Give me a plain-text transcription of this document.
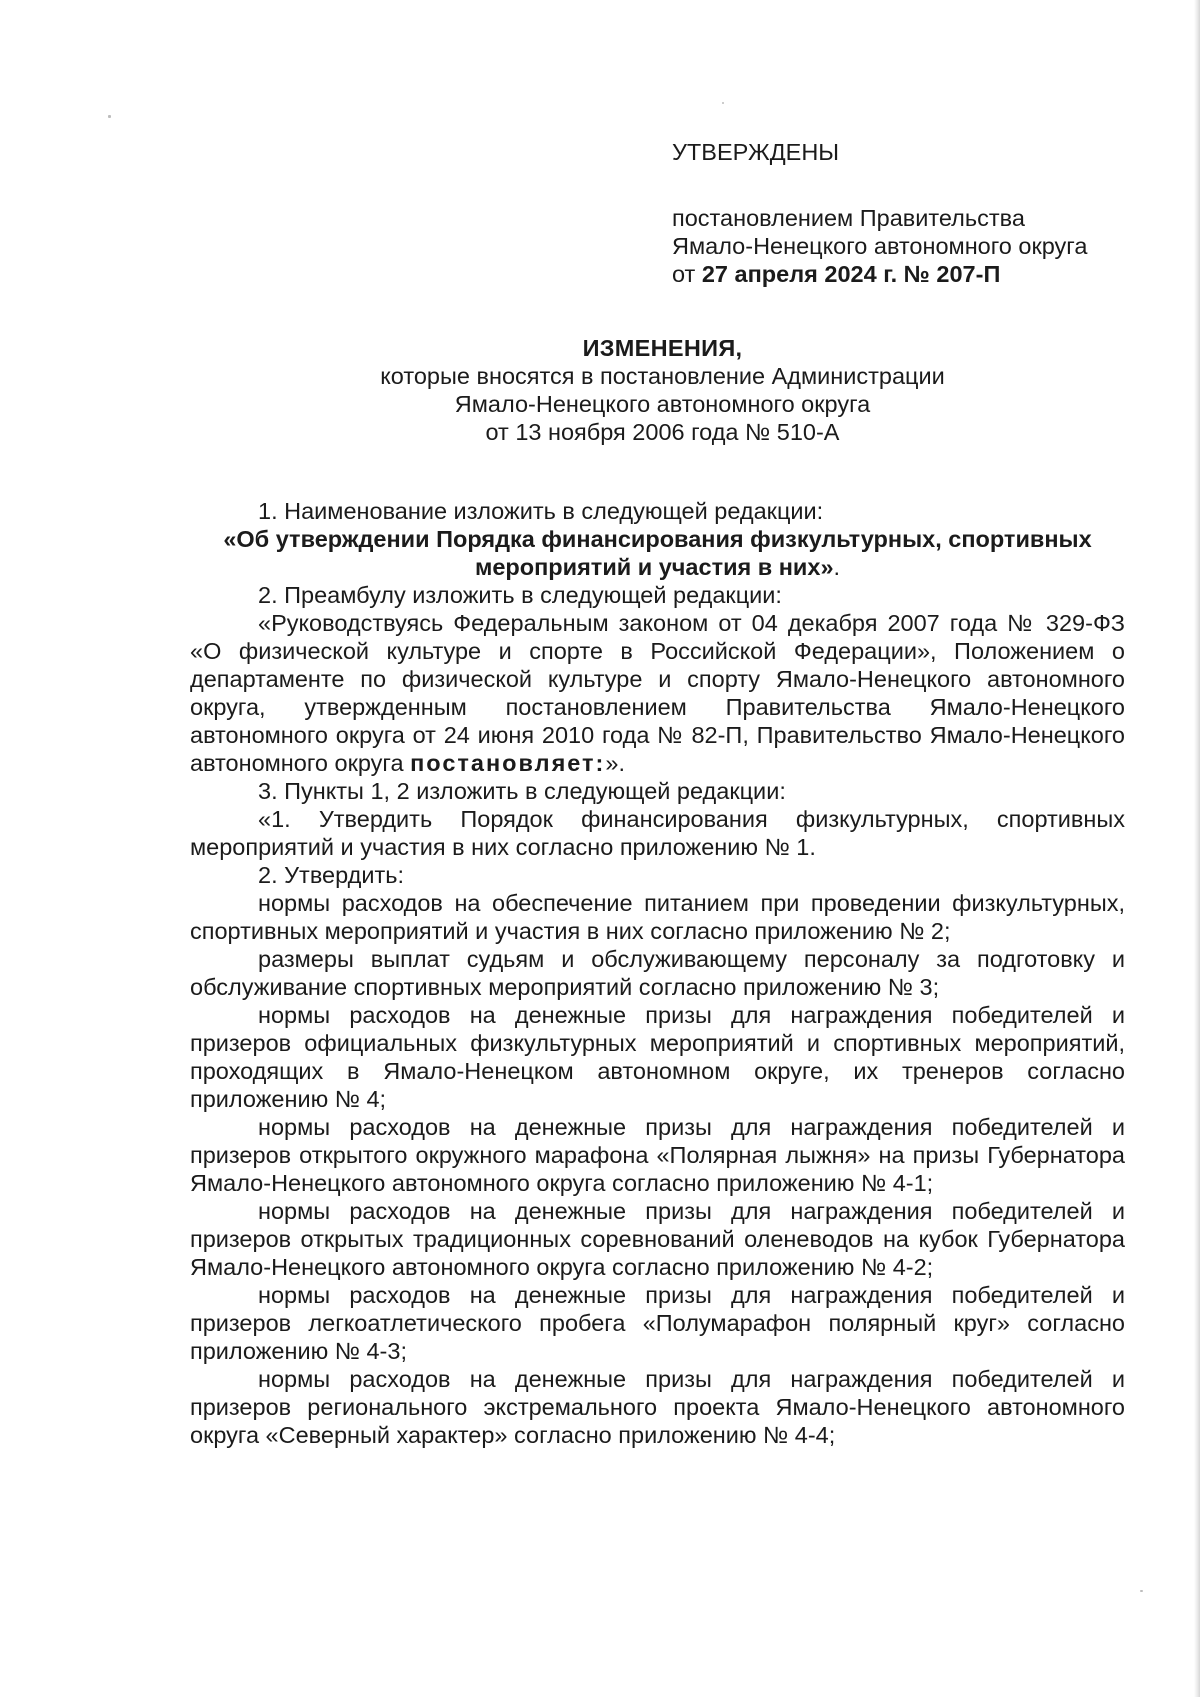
УТВЕРЖДЕНЫ
постановлением Правительства
Ямало-Ненецкого автономного округа
от 27 апреля 2024 г. № 207-П
ИЗМЕНЕНИЯ,
которые вносятся в постановление Администрации
Ямало-Ненецкого автономного округа
от 13 ноября 2006 года № 510-А

1. Наименование изложить в следующей редакции:

«Об утверждении Порядка финансирования физкультурных, спортивных мероприятий и участия в них».

2. Преамбулу изложить в следующей редакции:

«Руководствуясь Федеральным законом от 04 декабря 2007 года № 329-ФЗ «О физической культуре и спорте в Российской Федерации», Положением о департаменте по физической культуре и спорту Ямало-Ненецкого автономного округа, утвержденным постановлением Правительства Ямало-Ненецкого автономного округа от 24 июня 2010 года № 82-П, Правительство Ямало-Ненецкого автономного округа постановляет:».

3. Пункты 1, 2 изложить в следующей редакции:

«1. Утвердить Порядок финансирования физкультурных, спортивных мероприятий и участия в них согласно приложению № 1.

2. Утвердить:

нормы расходов на обеспечение питанием при проведении физкультурных, спортивных мероприятий и участия в них согласно приложению № 2;

размеры выплат судьям и обслуживающему персоналу за подготовку и обслуживание спортивных мероприятий согласно приложению № 3;

нормы расходов на денежные призы для награждения победителей и призеров официальных физкультурных мероприятий и спортивных мероприятий, проходящих в Ямало-Ненецком автономном округе, их тренеров согласно приложению № 4;

нормы расходов на денежные призы для награждения победителей и призеров открытого окружного марафона «Полярная лыжня» на призы Губернатора Ямало-Ненецкого автономного округа согласно приложению № 4-1;

нормы расходов на денежные призы для награждения победителей и призеров открытых традиционных соревнований оленеводов на кубок Губернатора Ямало-Ненецкого автономного округа согласно приложению № 4-2;

нормы расходов на денежные призы для награждения победителей и призеров легкоатлетического пробега «Полумарафон полярный круг» согласно приложению № 4-3;

нормы расходов на денежные призы для награждения победителей и призеров регионального экстремального проекта Ямало-Ненецкого автономного округа «Северный характер» согласно приложению № 4-4;
